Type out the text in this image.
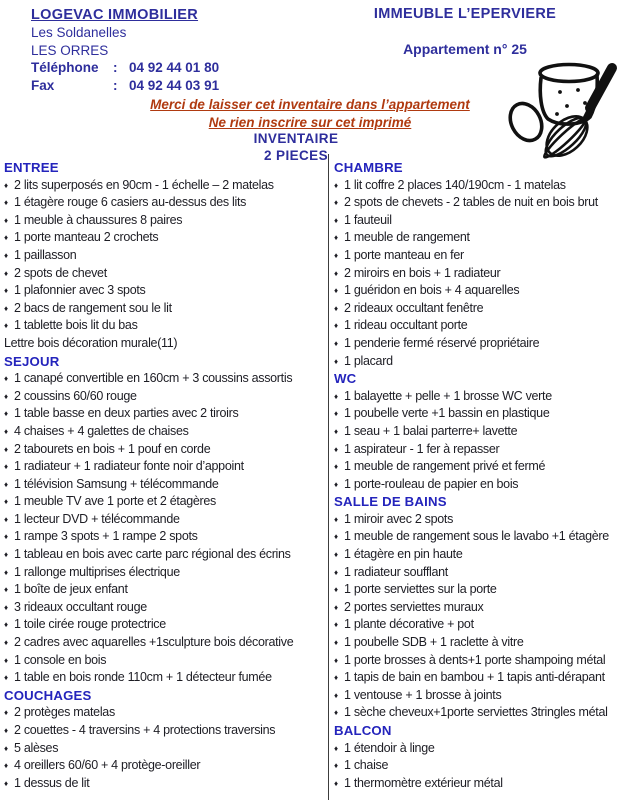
LOGEVAC IMMOBILIER
Les Soldanelles
LES ORRES
Téléphone	: 04 92 44 01 80
Fax	: 04 92 44 03 91
IMMEUBLE L’EPERVIERE
Appartement n° 25
Merci de laisser cet inventaire dans l’appartement
Ne rien inscrire sur cet imprimé
INVENTAIRE
2 PIECES
ENTREE
♦ 2 lits superposés en 90cm - 1 échelle – 2 matelas
♦ 1 étagère rouge 6 casiers au-dessus des lits
♦ 1 meuble à chaussures 8 paires
♦ 1 porte manteau 2 crochets
♦ 1 paillasson
♦ 2 spots de chevet
♦ 1 plafonnier avec 3 spots
♦ 2 bacs de rangement sou le lit
♦ 1 tablette bois lit du bas
Lettre bois décoration murale(11)
SEJOUR
♦ 1 canapé convertible en 160cm + 3 coussins assortis
♦ 2 coussins 60/60 rouge
♦ 1 table basse en deux parties avec 2 tiroirs
♦ 4 chaises + 4 galettes de chaises
♦ 2 tabourets en bois + 1 pouf en corde
♦ 1 radiateur + 1 radiateur fonte noir d’appoint
♦ 1 télévision Samsung + télécommande
♦ 1 meuble TV ave 1 porte et 2 étagères
♦ 1 lecteur DVD + télécommande
♦ 1 rampe 3 spots + 1 rampe 2 spots
♦ 1 tableau en bois avec carte parc régional des écrins
♦ 1 rallonge multiprises électrique
♦ 1 boîte de jeux enfant
♦ 3 rideaux occultant rouge
♦ 1 toile cirée rouge protectrice
♦ 2 cadres avec aquarelles +1sculpture bois décorative
♦ 1 console en bois
♦ 1 table en bois ronde 110cm + 1 détecteur fumée
COUCHAGES
♦ 2 protèges matelas
♦ 2 couettes - 4 traversins + 4 protections traversins
♦ 5 alèses
♦ 4 oreillers 60/60 + 4 protège-oreiller
♦ 1 dessus de lit
CHAMBRE
♦ 1 lit coffre 2 places 140/190cm - 1 matelas
♦ 2 spots de chevets - 2 tables de nuit en bois brut
♦ 1 fauteuil
♦ 1 meuble de rangement
♦ 1 porte manteau en fer
♦ 2 miroirs en bois + 1 radiateur
♦ 1 guéridon en bois + 4 aquarelles
♦ 2 rideaux occultant fenêtre
♦ 1 rideau occultant porte
♦ 1 penderie fermé réservé propriétaire
♦ 1 placard
WC
♦ 1 balayette + pelle + 1 brosse WC verte
♦ 1 poubelle verte +1 bassin en plastique
♦ 1 seau + 1 balai parterre+ lavette
♦ 1 aspirateur - 1 fer à repasser
♦ 1 meuble de rangement privé et fermé
♦ 1 porte-rouleau de papier en bois
SALLE DE BAINS
♦ 1 miroir avec 2 spots
♦ 1 meuble de rangement sous le lavabo +1 étagère
♦ 1 étagère en pin haute
♦ 1 radiateur soufflant
♦ 1 porte serviettes sur la porte
♦ 2 portes serviettes muraux
♦ 1 plante décorative + pot
♦ 1 poubelle SDB + 1 raclette à vitre
♦ 1 porte brosses à dents+1 porte shampoing métal
♦ 1 tapis de bain en bambou + 1 tapis anti-dérapant
♦ 1 ventouse + 1 brosse à joints
♦ 1 sèche cheveux+1porte serviettes 3tringles métal
BALCON
♦ 1 étendoir à linge
♦ 1 chaise
♦ 1 thermomètre extérieur métal
